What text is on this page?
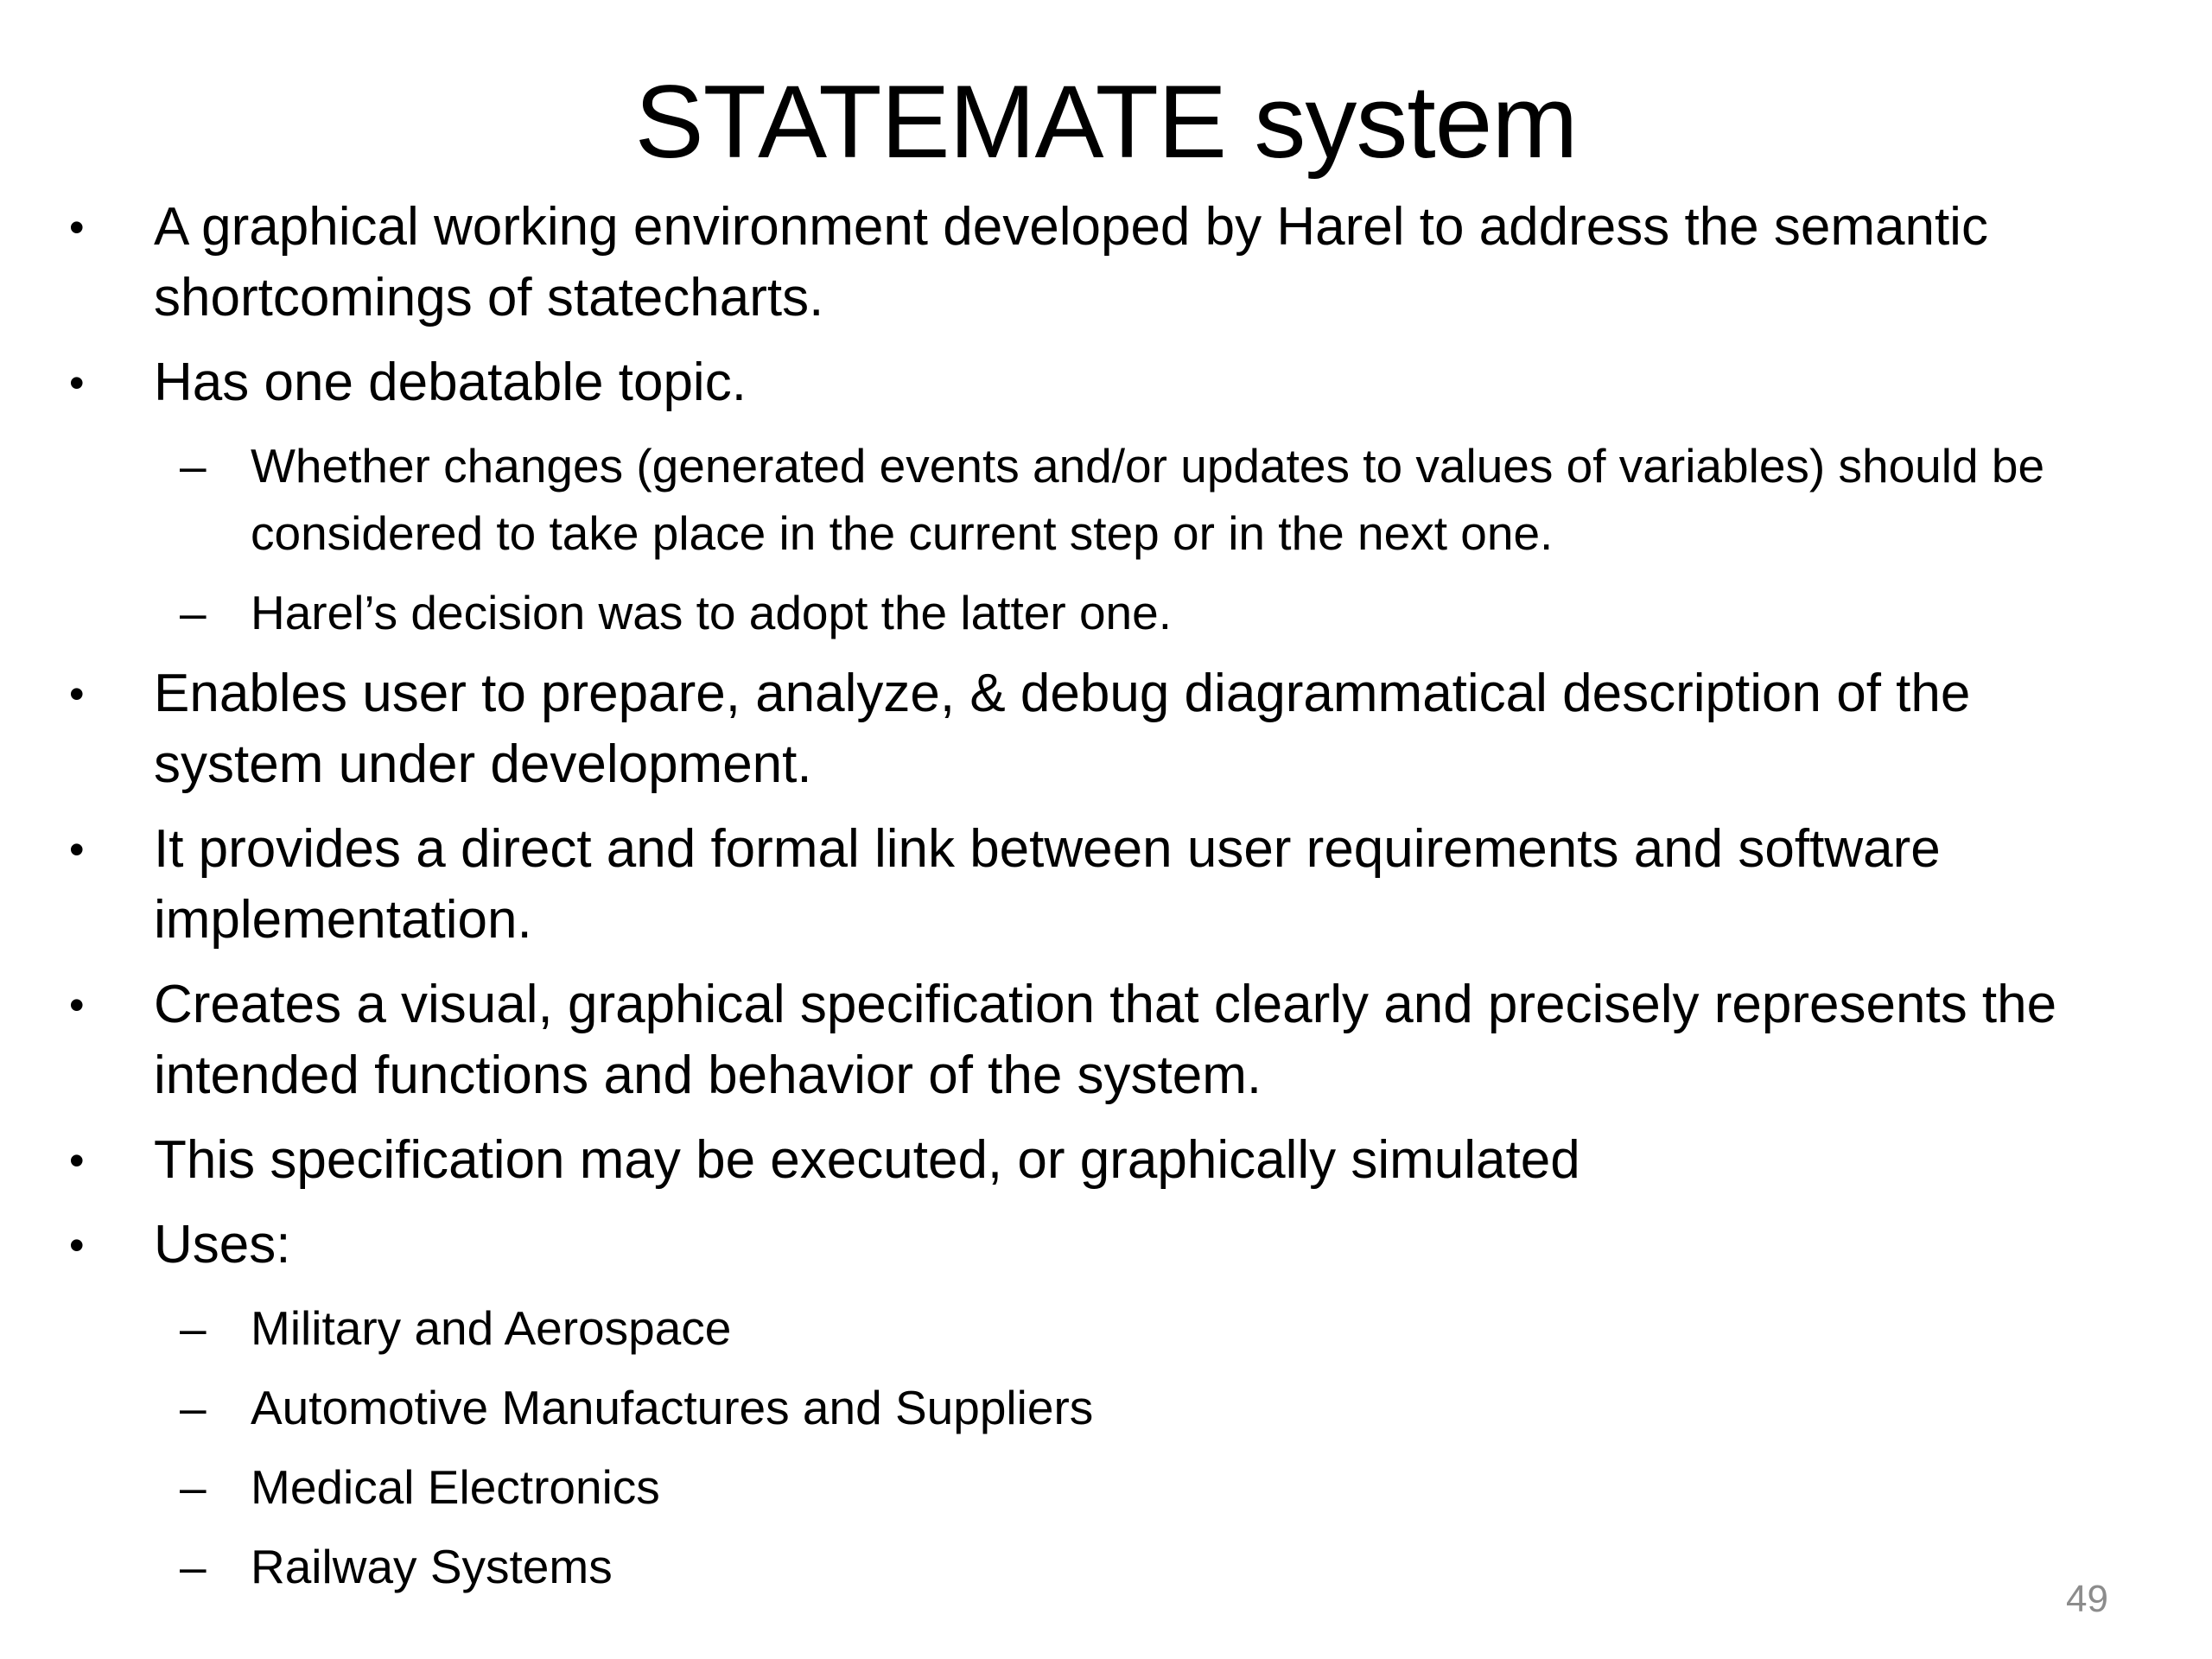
STATEMATE system
•	A graphical working environment developed by Harel to address the semantic shortcomings of statecharts.
•	Has one debatable topic.
– Whether changes (generated events and/or updates to values of variables) should be considered to take place in the current step or in the next one.
– Harel’s decision was to adopt the latter one.
•	Enables user to prepare, analyze, & debug diagrammatical description of the system under development.
•	It provides a direct and formal link between user requirements and software implementation.
•	Creates a visual, graphical specification that clearly and precisely represents the intended functions and behavior of the system.
•	This specification may be executed, or graphically simulated
•	Uses:
– Military and Aerospace
– Automotive Manufactures and Suppliers
– Medical Electronics
– Railway Systems
49
